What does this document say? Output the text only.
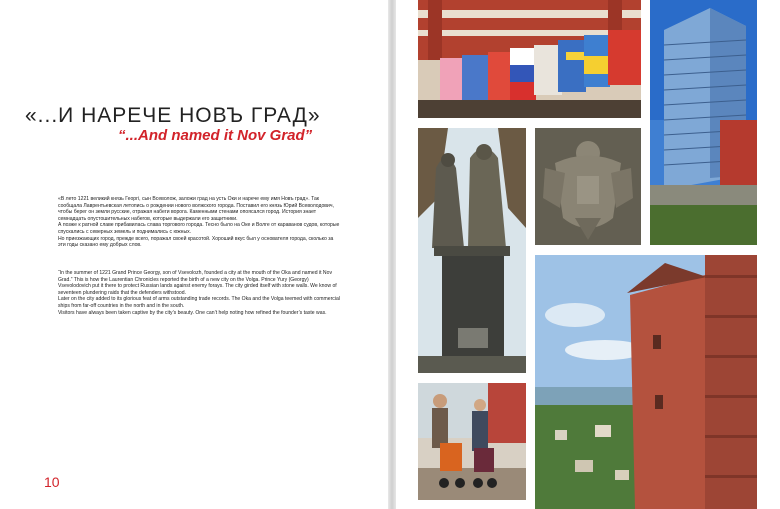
«...И НАРЕЧЕ НОВЪ ГРАД»
“...And named it Nov Grad”

«В лето 1221 великий князь Георгі, сын Всеволож, заложи град на усть Оки и нарече ему имя Новъ град». Так сообщала Лаврентьевская летопись о рождении нового волжского города. Поставил его князь Юрий Всеволодович, чтобы берег он земли русские, отражая набеги ворога. Каменными стенами опоясался город. История знает семнадцать опустошительных набегов, которые выдержали его защитники.

А позже к ратной славе прибавилась слава торгового города. Тесно было на Оке и Волге от караванов судов, которые спускались с северных земель и поднимались с южных.

Но приезжающих город, прежде всего, поражал своей красотой. Хороший вкус был у основателя города, сколько за эти годы сказано ему добрых слов.

“In the summer of 1221 Grand Prince Georgy, son of Vsevolozh, founded a city at the mouth of the Oka and named it Nov Grad.” This is how the Laurentian Chronicles reported the birth of a new city on the Volga. Prince Yury (Georgy) Vsevolodovich put it there to protect Russian lands against enemy forays. The city girded itself with stone walls. We know of seventeen plundering raids that the defenders withstood.

Later on the city added to its glorious feat of arms outstanding trade records. The Oka and the Volga teemed with commercial ships from far-off countries in the north and in the south.

Visitors have always been taken captive by the city’s beauty. One can’t help noting how refined the founder’s taste was.

10
